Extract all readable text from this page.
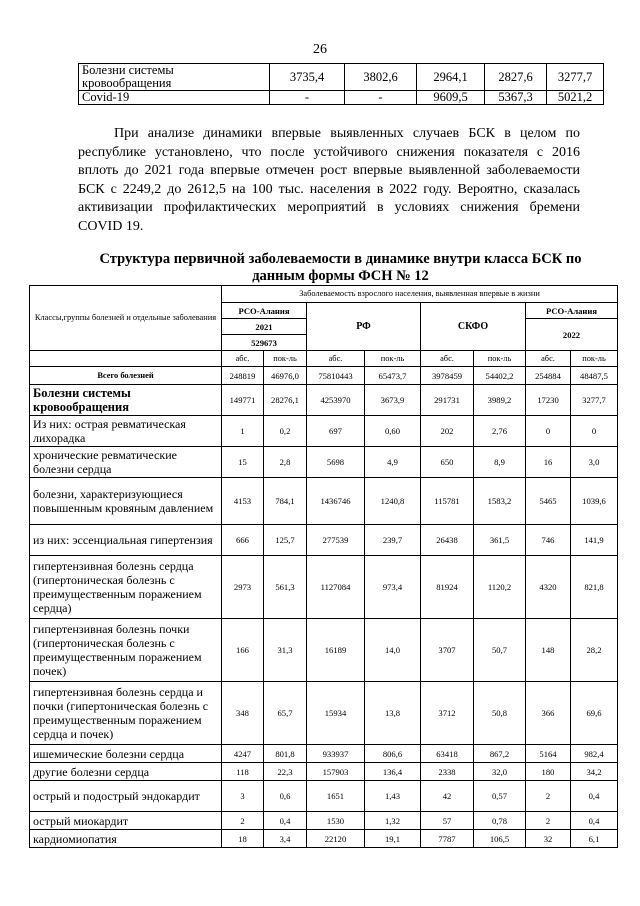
26
Болезни системы кровообращения	3735,4	3802,6	2964,1	2827,6	3277,7
Covid-19	-	-	9609,5	5367,3	5021,2

При анализе динамики впервые выявленных случаев БСК в целом по республике установлено, что после устойчивого снижения показателя с 2016 вплоть до 2021 года впервые отмечен рост впервые выявленной заболеваемости БСК с 2249,2 до 2612,5 на 100 тыс. населения в 2022 году. Вероятно, сказалась активизации профилактических мероприятий в условиях снижения бремени COVID 19.

Структура первичной заболеваемости в динамике внутри класса БСК по данным формы ФСН № 12
Классы,группы болезней и отдельные заболевания	Заболеваемость взрослого населения, выявленная впервые в жизни							
	РСО-Алания		РФ		СКФО		РСО-Алания	
	2021						2022	
	529673							
	абс.	пок-ль	абс.	пок-ль	абс.	пок-ль	абс.	пок-ль
Всего болезней	248819	46976,0	75810443	65473,7	3978459	54402,2	254884	48487,5
Болезни системы кровообращения	149771	28276,1	4253970	3673,9	291731	3989,2	17230	3277,7
Из них: острая ревматическая лихорадка	1	0,2	697	0,60	202	2,76	0	0
хронические ревматические болезни сердца	15	2,8	5698	4,9	650	8,9	16	3,0
болезни, характеризующиеся повышенным кровяным давлением	4153	784,1	1436746	1240,8	115781	1583,2	5465	1039,6
из них: эссенциальная гипертензия	666	125,7	277539	239,7	26438	361,5	746	141,9
гипертензивная болезнь сердца (гипертоническая болезнь с преимущественным поражением сердца)	2973	561,3	1127084	973,4	81924	1120,2	4320	821,8
гипертензивная болезнь почки (гипертоническая болезнь с преимущественным поражением почек)	166	31,3	16189	14,0	3707	50,7	148	28,2
гипертензивная болезнь сердца и почки (гипертоническая болезнь с преимущественным поражением сердца и почек)	348	65,7	15934	13,8	3712	50,8	366	69,6
ишемические болезни сердца	4247	801,8	933937	806,6	63418	867,2	5164	982,4
другие болезни сердца	118	22,3	157903	136,4	2338	32,0	180	34,2
острый и подострый эндокардит	3	0,6	1651	1,43	42	0,57	2	0,4
острый миокардит	2	0,4	1530	1,32	57	0,78	2	0,4
кардиомиопатия	18	3,4	22120	19,1	7787	106,5	32	6,1
